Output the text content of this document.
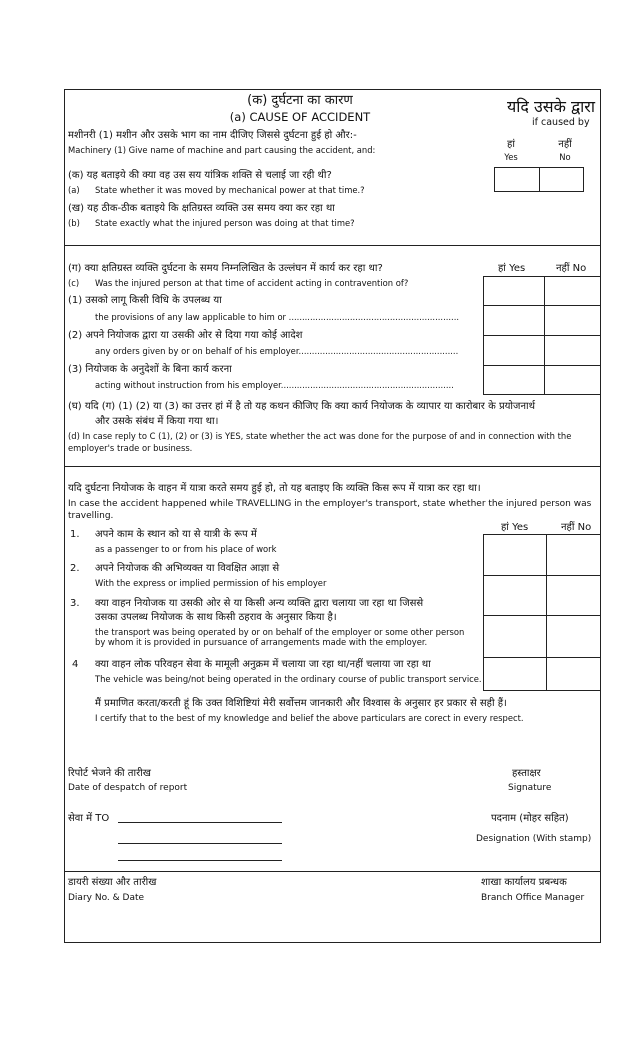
(क) दुर्घटना का कारण
(a) CAUSE OF ACCIDENT
यदि उसके द्वारा
if caused by
मशीनरी (1) मशीन और उसके भाग का नाम दीजिए जिससे दुर्घटना हुई हो और:-
Machinery (1) Give name of machine and part causing the accident, and:	हां
Yes
नहीं
No
(क) यह बताइये की क्या वह उस सय यांत्रिक शक्ति से चलाई जा रही थी?
(a) State whether it was moved by mechanical power at that time.?
(ख) यह ठीक-ठीक बताइये कि क्षतिग्रस्त व्यक्ति उस समय क्या कर रहा था
(b) State exactly what the injured person was doing at that time?
(ग) क्या क्षतिग्रस्त व्यक्ति दुर्घटना के समय निम्नलिखित के उल्लंघन में कार्य कर रहा था?
(c) Was the injured person at that time of accident acting in contravention of?
हां Yes	नहीं No
(1) उसको लागू किसी विधि के उपलब्ध या
the provisions of any law applicable to him or ................................................................
(2) अपने नियोजक द्वारा या उसकी ओर से दिया गया कोई आदेश
any orders given by or on behalf of his employer............................................................
(3) नियोजक के अनुदेशों के बिना कार्य करना
acting without instruction from his employer.................................................................
(घ) यदि (ग) (1) (2) या (3) का उत्तर हां में है तो यह कथन कीजिए कि क्या कार्य नियोजक के व्यापार या कारोबार के प्रयोजनार्थ
और उसके संबंध में किया गया था।
(d) In case reply to C (1), (2) or (3) is YES, state whether the act was done for the purpose of and in connection with the
employer's trade or business.
यदि दुर्घटना नियोजक के वाहन में यात्रा करते समय हुई हो, तो यह बताइए कि व्यक्ति किस रूप में यात्रा कर रहा था।
In case the accident happened while TRAVELLING in the employer's transport, state whether the injured person was
travelling.
हां Yes	नहीं No
1. अपने काम के स्थान को या से यात्री के रूप में
as a passenger to or from his place of work
2. अपने नियोजक की अभिव्यक्त या विवक्षित आज्ञा से
With the express or implied permission of his employer
3. क्या वाहन नियोजक या उसकी ओर से या किसी अन्य व्यक्ति द्वारा चलाया जा रहा था जिससे
उसका उपलब्ध नियोजक के साथ किसी ठहराव के अनुसार किया है।
the transport was being operated by or on behalf of the employer or some other person
by whom it is provided in pursuance of arrangements made with the employer.
4 क्या वाहन लोक परिवहन सेवा के मामूली अनुक्रम में चलाया जा रहा था/नहीं चलाया जा रहा था
The vehicle was being/not being operated in the ordinary course of public transport service.
मैं प्रमाणित करता/करती हूं कि उक्त विशिष्टियां मेरी सर्वोत्तम जानकारी और विश्वास के अनुसार हर प्रकार से सही हैं।
I certify that to the best of my knowledge and belief the above particulars are corect in every respect.
रिपोर्ट भेजने की तारीख
Date of despatch of report
हस्ताक्षर
Signature
सेवा में TO	पदनाम (मोहर सहित)
Designation (With stamp)
डायरी संख्या और तारीख
Diary No. & Date
शाखा कार्यालय प्रबन्धक
Branch Office Manager
